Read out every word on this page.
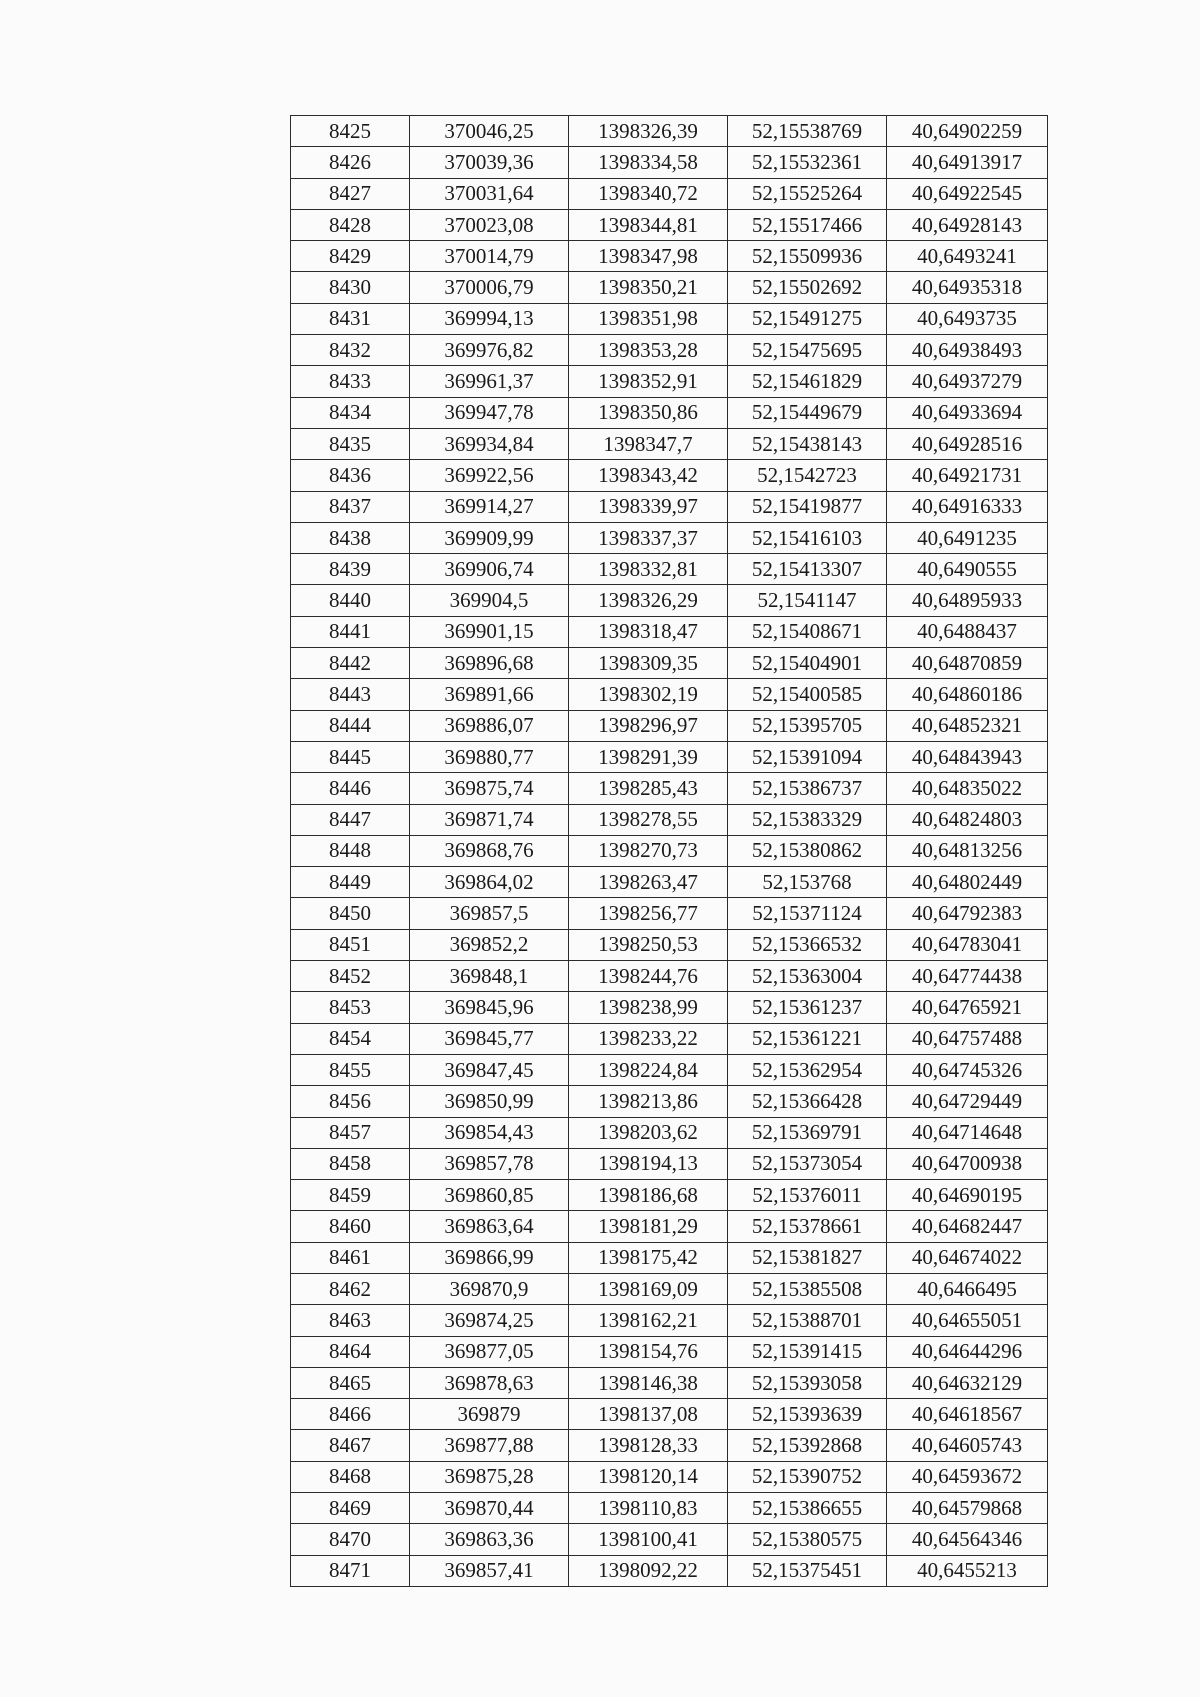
8425	370046,25	1398326,39	52,15538769	40,64902259
8426	370039,36	1398334,58	52,15532361	40,64913917
8427	370031,64	1398340,72	52,15525264	40,64922545
8428	370023,08	1398344,81	52,15517466	40,64928143
8429	370014,79	1398347,98	52,15509936	40,6493241
8430	370006,79	1398350,21	52,15502692	40,64935318
8431	369994,13	1398351,98	52,15491275	40,6493735
8432	369976,82	1398353,28	52,15475695	40,64938493
8433	369961,37	1398352,91	52,15461829	40,64937279
8434	369947,78	1398350,86	52,15449679	40,64933694
8435	369934,84	1398347,7	52,15438143	40,64928516
8436	369922,56	1398343,42	52,1542723	40,64921731
8437	369914,27	1398339,97	52,15419877	40,64916333
8438	369909,99	1398337,37	52,15416103	40,6491235
8439	369906,74	1398332,81	52,15413307	40,6490555
8440	369904,5	1398326,29	52,1541147	40,64895933
8441	369901,15	1398318,47	52,15408671	40,6488437
8442	369896,68	1398309,35	52,15404901	40,64870859
8443	369891,66	1398302,19	52,15400585	40,64860186
8444	369886,07	1398296,97	52,15395705	40,64852321
8445	369880,77	1398291,39	52,15391094	40,64843943
8446	369875,74	1398285,43	52,15386737	40,64835022
8447	369871,74	1398278,55	52,15383329	40,64824803
8448	369868,76	1398270,73	52,15380862	40,64813256
8449	369864,02	1398263,47	52,153768	40,64802449
8450	369857,5	1398256,77	52,15371124	40,64792383
8451	369852,2	1398250,53	52,15366532	40,64783041
8452	369848,1	1398244,76	52,15363004	40,64774438
8453	369845,96	1398238,99	52,15361237	40,64765921
8454	369845,77	1398233,22	52,15361221	40,64757488
8455	369847,45	1398224,84	52,15362954	40,64745326
8456	369850,99	1398213,86	52,15366428	40,64729449
8457	369854,43	1398203,62	52,15369791	40,64714648
8458	369857,78	1398194,13	52,15373054	40,64700938
8459	369860,85	1398186,68	52,15376011	40,64690195
8460	369863,64	1398181,29	52,15378661	40,64682447
8461	369866,99	1398175,42	52,15381827	40,64674022
8462	369870,9	1398169,09	52,15385508	40,6466495
8463	369874,25	1398162,21	52,15388701	40,64655051
8464	369877,05	1398154,76	52,15391415	40,64644296
8465	369878,63	1398146,38	52,15393058	40,64632129
8466	369879	1398137,08	52,15393639	40,64618567
8467	369877,88	1398128,33	52,15392868	40,64605743
8468	369875,28	1398120,14	52,15390752	40,64593672
8469	369870,44	1398110,83	52,15386655	40,64579868
8470	369863,36	1398100,41	52,15380575	40,64564346
8471	369857,41	1398092,22	52,15375451	40,6455213
